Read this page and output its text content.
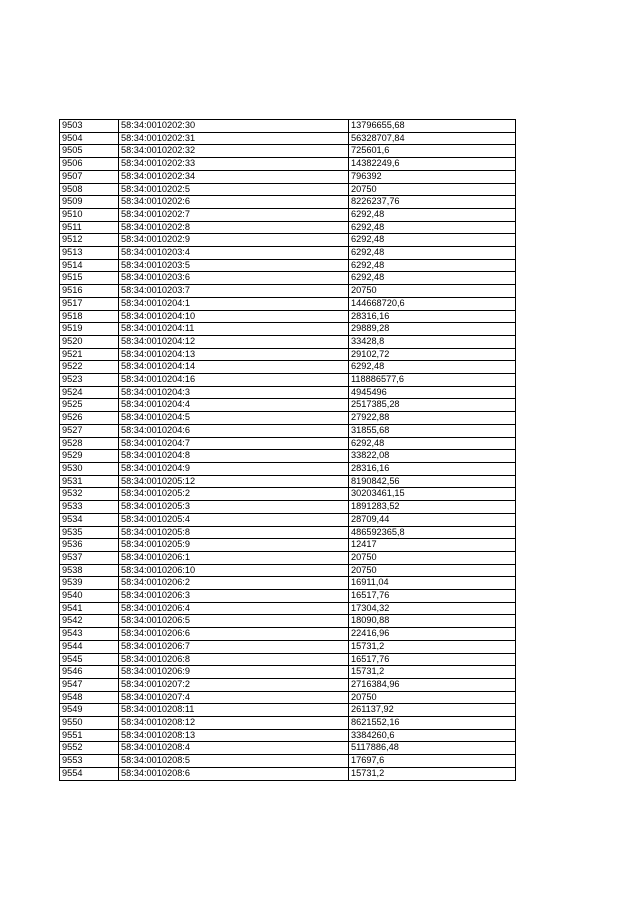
9503	58:34:0010202:30	13796655,68
9504	58:34:0010202:31	56328707,84
9505	58:34:0010202:32	725601,6
9506	58:34:0010202:33	14382249,6
9507	58:34:0010202:34	796392
9508	58:34:0010202:5	20750
9509	58:34:0010202:6	8226237,76
9510	58:34:0010202:7	6292,48
9511	58:34:0010202:8	6292,48
9512	58:34:0010202:9	6292,48
9513	58:34:0010203:4	6292,48
9514	58:34:0010203:5	6292,48
9515	58:34:0010203:6	6292,48
9516	58:34:0010203:7	20750
9517	58:34:0010204:1	144668720,6
9518	58:34:0010204:10	28316,16
9519	58:34:0010204:11	29889,28
9520	58:34:0010204:12	33428,8
9521	58:34:0010204:13	29102,72
9522	58:34:0010204:14	6292,48
9523	58:34:0010204:16	118886577,6
9524	58:34:0010204:3	4945496
9525	58:34:0010204:4	2517385,28
9526	58:34:0010204:5	27922,88
9527	58:34:0010204:6	31855,68
9528	58:34:0010204:7	6292,48
9529	58:34:0010204:8	33822,08
9530	58:34:0010204:9	28316,16
9531	58:34:0010205:12	8190842,56
9532	58:34:0010205:2	30203461,15
9533	58:34:0010205:3	1891283,52
9534	58:34:0010205:4	28709,44
9535	58:34:0010205:8	486592365,8
9536	58:34:0010205:9	12417
9537	58:34:0010206:1	20750
9538	58:34:0010206:10	20750
9539	58:34:0010206:2	16911,04
9540	58:34:0010206:3	16517,76
9541	58:34:0010206:4	17304,32
9542	58:34:0010206:5	18090,88
9543	58:34:0010206:6	22416,96
9544	58:34:0010206:7	15731,2
9545	58:34:0010206:8	16517,76
9546	58:34:0010206:9	15731,2
9547	58:34:0010207:2	2716384,96
9548	58:34:0010207:4	20750
9549	58:34:0010208:11	261137,92
9550	58:34:0010208:12	8621552,16
9551	58:34:0010208:13	3384260,6
9552	58:34:0010208:4	5117886,48
9553	58:34:0010208:5	17697,6
9554	58:34:0010208:6	15731,2
